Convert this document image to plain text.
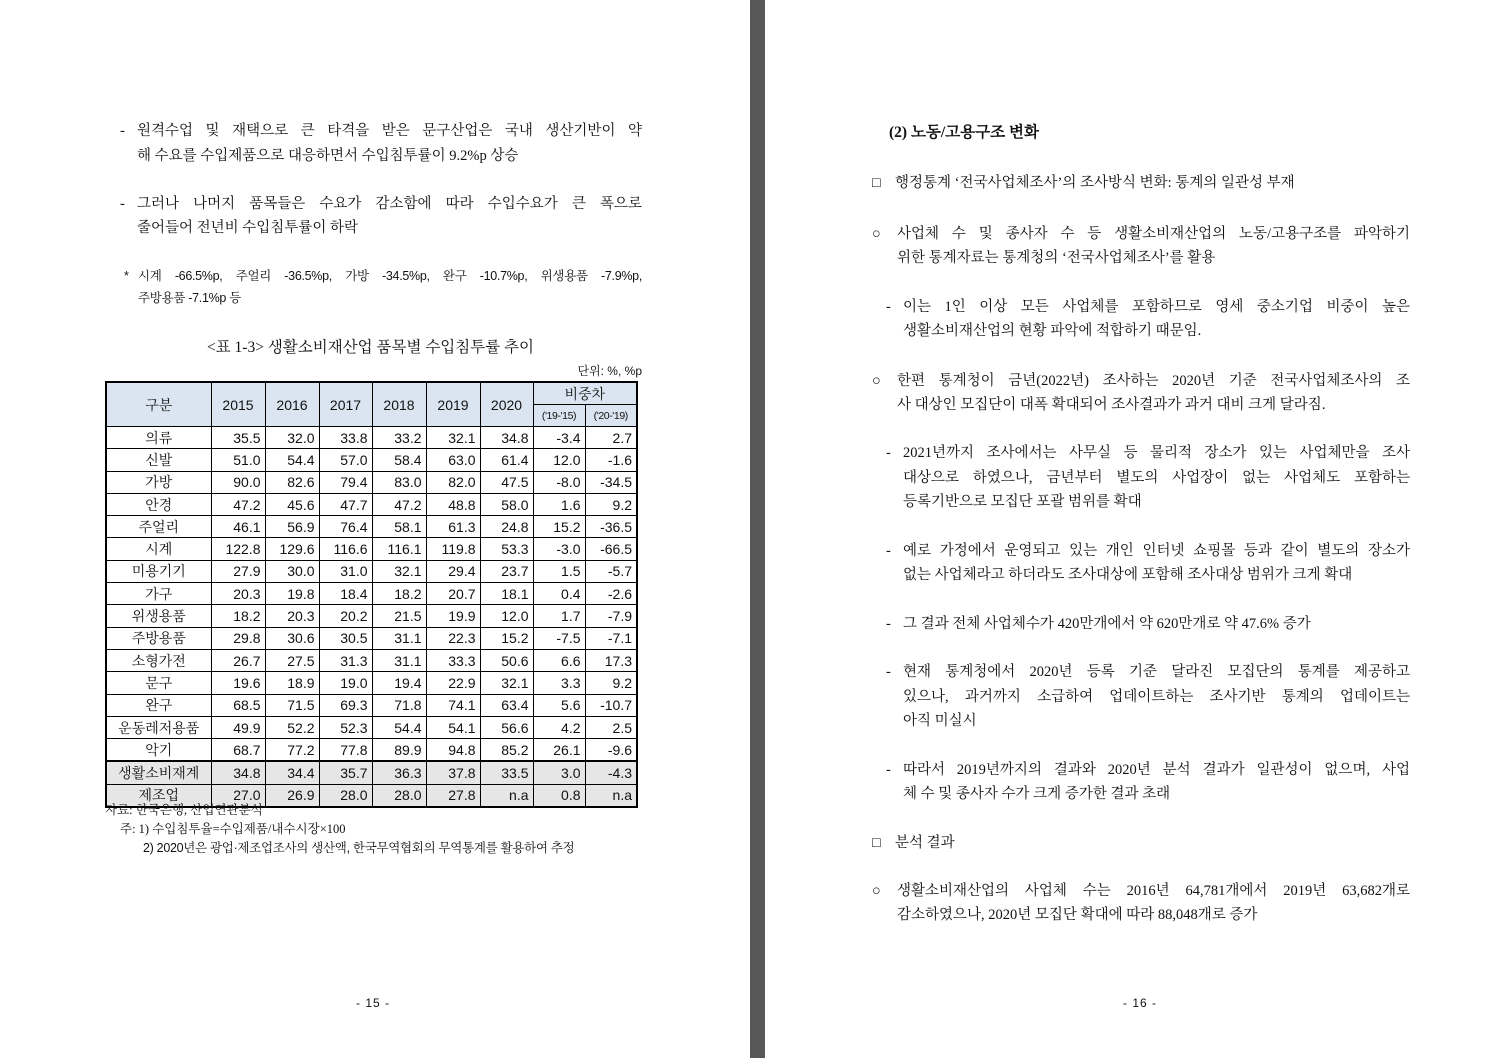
- 원격수업 및 재택으로 큰 타격을 받은 문구산업은 국내 생산기반이 약
해 수요를 수입제품으로 대응하면서 수입침투률이 9.2%p 상승
- 그러나 나머지 품목들은 수요가 감소함에 따라 수입수요가 큰 폭으로
줄어들어 전년비 수입침투률이 하락
* 시계 -66.5%p, 주얼리 -36.5%p, 가방 -34.5%p, 완구 -10.7%p, 위생용품 -7.9%p,
주방용품 -7.1%p 등
<표 1-3> 생활소비재산업 품목별 수입침투률 추이
단위: %, %p
구분	2015	2016	2017	2018	2019	2020	비중차	
							('19-'15)	('20-'19)
의류	35.5	32.0	33.8	33.2	32.1	34.8	-3.4	2.7
신발	51.0	54.4	57.0	58.4	63.0	61.4	12.0	-1.6
가방	90.0	82.6	79.4	83.0	82.0	47.5	-8.0	-34.5
안경	47.2	45.6	47.7	47.2	48.8	58.0	1.6	9.2
주얼리	46.1	56.9	76.4	58.1	61.3	24.8	15.2	-36.5
시계	122.8	129.6	116.6	116.1	119.8	53.3	-3.0	-66.5
미용기기	27.9	30.0	31.0	32.1	29.4	23.7	1.5	-5.7
가구	20.3	19.8	18.4	18.2	20.7	18.1	0.4	-2.6
위생용품	18.2	20.3	20.2	21.5	19.9	12.0	1.7	-7.9
주방용품	29.8	30.6	30.5	31.1	22.3	15.2	-7.5	-7.1
소형가전	26.7	27.5	31.3	31.1	33.3	50.6	6.6	17.3
문구	19.6	18.9	19.0	19.4	22.9	32.1	3.3	9.2
완구	68.5	71.5	69.3	71.8	74.1	63.4	5.6	-10.7
운동레저용품	49.9	52.2	52.3	54.4	54.1	56.6	4.2	2.5
악기	68.7	77.2	77.8	89.9	94.8	85.2	26.1	-9.6
생활소비재계	34.8	34.4	35.7	36.3	37.8	33.5	3.0	-4.3
제조업	27.0	26.9	28.0	28.0	27.8	n.a	0.8	n.a
자료: 한국은행, 산업연관분석
주: 1) 수입침투율=수입제품/내수시장×100
2) 2020년은 광업·제조업조사의 생산액, 한국무역협회의 무역통계를 활용하여 추정
- 15 -
(2) 노동/고용구조 변화
□ 행정통계 ‘전국사업체조사’의 조사방식 변화: 통계의 일관성 부재
○	사업체 수 및 종사자 수 등 생활소비재산업의 노동/고용구조를 파악하기
위한 통계자료는 통계청의 ‘전국사업체조사’를 활용
- 이는 1인 이상 모든 사업체를 포함하므로 영세 중소기업 비중이 높은
생활소비재산업의 현황 파악에 적합하기 때문임.
○	한편 통계청이 금년(2022년) 조사하는 2020년 기준 전국사업체조사의 조
사 대상인 모집단이 대폭 확대되어 조사결과가 과거 대비 크게 달라짐.
- 2021년까지 조사에서는 사무실 등 물리적 장소가 있는 사업체만을 조사
대상으로 하였으나, 금년부터 별도의 사업장이 없는 사업체도 포함하는
등록기반으로 모집단 포괄 범위를 확대
- 예로 가정에서 운영되고 있는 개인 인터넷 쇼핑몰 등과 같이 별도의 장소가
없는 사업체라고 하더라도 조사대상에 포함해 조사대상 범위가 크게 확대
- 그 결과 전체 사업체수가 420만개에서 약 620만개로 약 47.6% 증가
- 현재 통계청에서 2020년 등록 기준 달라진 모집단의 통계를 제공하고
있으나, 과거까지 소급하여 업데이트하는 조사기반 통계의 업데이트는
아직 미실시
- 따라서 2019년까지의 결과와 2020년 분석 결과가 일관성이 없으며, 사업
체 수 및 종사자 수가 크게 증가한 결과 초래
□ 분석 결과
○	생활소비재산업의 사업체 수는 2016년 64,781개에서 2019년 63,682개로
감소하였으나, 2020년 모집단 확대에 따라 88,048개로 증가
- 16 -
